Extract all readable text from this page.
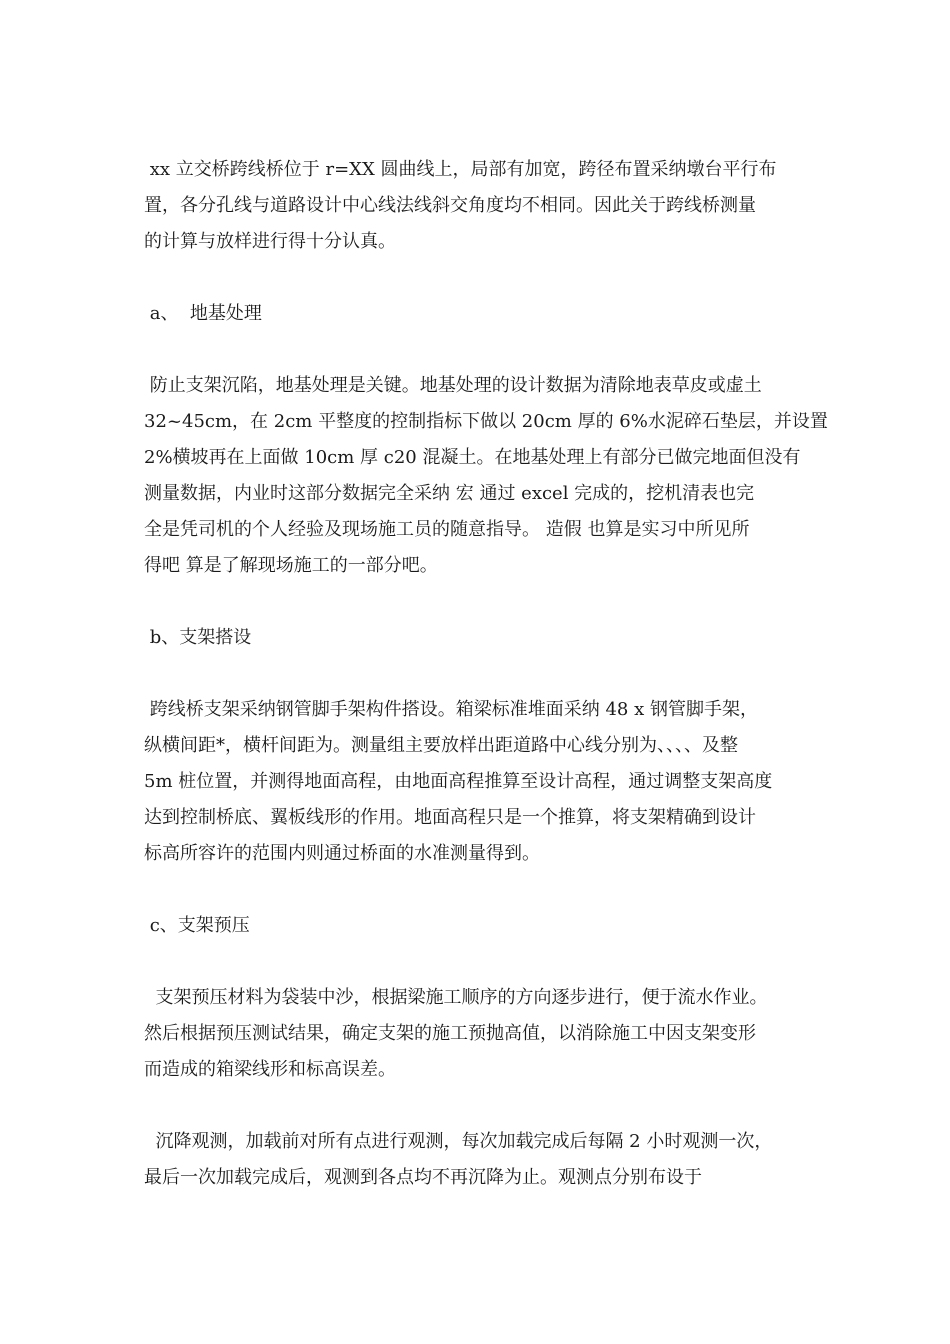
xx 立交桥跨线桥位于 r=XX 圆曲线上，局部有加宽，跨径布置采纳墩台平行布
置，各分孔线与道路设计中心线法线斜交角度均不相同。因此关于跨线桥测量
的计算与放样进行得十分认真。
a、  地基处理
防止支架沉陷，地基处理是关键。地基处理的设计数据为清除地表草皮或虚土
32~45cm，在 2cm 平整度的控制指标下做以 20cm 厚的 6%水泥碎石垫层，并设置
2%横坡再在上面做 10cm 厚 c20 混凝土。在地基处理上有部分已做完地面但没有
测量数据，内业时这部分数据完全采纳 宏 通过 excel 完成的，挖机清表也完
全是凭司机的个人经验及现场施工员的随意指导。 造假 也算是实习中所见所
得吧 算是了解现场施工的一部分吧。
b、支架搭设
跨线桥支架采纳钢管脚手架构件搭设。箱梁标准堆面采纳 48 x 钢管脚手架，
纵横间距*，横杆间距为。测量组主要放样出距道路中心线分别为、、、、及整
5m 桩位置，并测得地面高程，由地面高程推算至设计高程，通过调整支架高度
达到控制桥底、翼板线形的作用。地面高程只是一个推算，将支架精确到设计
标高所容许的范围内则通过桥面的水准测量得到。
c、支架预压
支架预压材料为袋装中沙，根据梁施工顺序的方向逐步进行，便于流水作业。
然后根据预压测试结果，确定支架的施工预抛高值，以消除施工中因支架变形
而造成的箱梁线形和标高误差。
沉降观测，加载前对所有点进行观测，每次加载完成后每隔 2 小时观测一次，
最后一次加载完成后，观测到各点均不再沉降为止。观测点分别布设于
